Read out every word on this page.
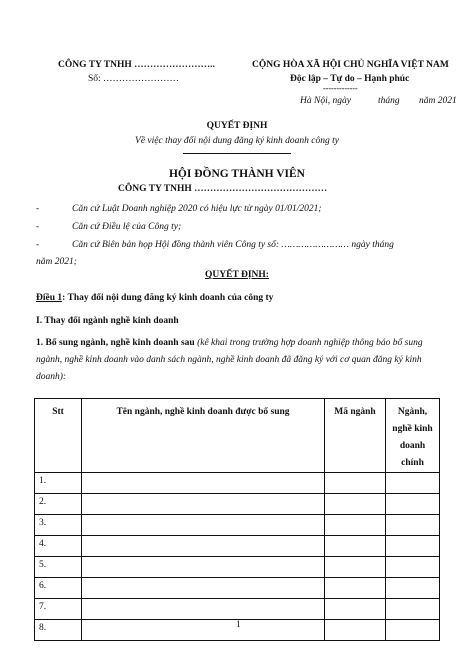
CÔNG TY TNHH ……………………..
Số: ……………………
CỘNG HÒA XÃ HỘI CHỦ NGHĨA VIỆT NAM
Độc lập – Tự do – Hạnh phúc
-------------
Hà Nội, ngày	tháng năm 2021
QUYẾT ĐỊNH
Về việc thay đổi nội dung đăng ký kinh doanh công ty
HỘI ĐỒNG THÀNH VIÊN
CÔNG TY TNHH ……………………………………
-	Căn cứ Luật Doanh nghiệp 2020 có hiệu lực từ ngày 01/01/2021;
-	Căn cứ Điều lệ của Công ty;
-	Căn cứ Biên bản họp Hội đồng thành viên Công ty số: …………………… ngày tháng
năm 2021;
QUYẾT ĐỊNH:
Điều 1: Thay đổi nội dung đăng ký kinh doanh của công ty
I. Thay đổi ngành nghề kinh doanh
1. Bổ sung ngành, nghề kinh doanh sau (kê khai trong trường hợp doanh nghiệp thông báo bổ sung ngành, nghề kinh doanh vào danh sách ngành, nghề kinh doanh đã đăng ký với cơ quan đăng ký kinh doanh):
Stt	Tên ngành, nghề kinh doanh được bổ sung	Mã ngành	Ngành, nghề kinh doanh chính
1.			
2.			
3.			
4.			
5.			
6.			
7.			
8.				1
